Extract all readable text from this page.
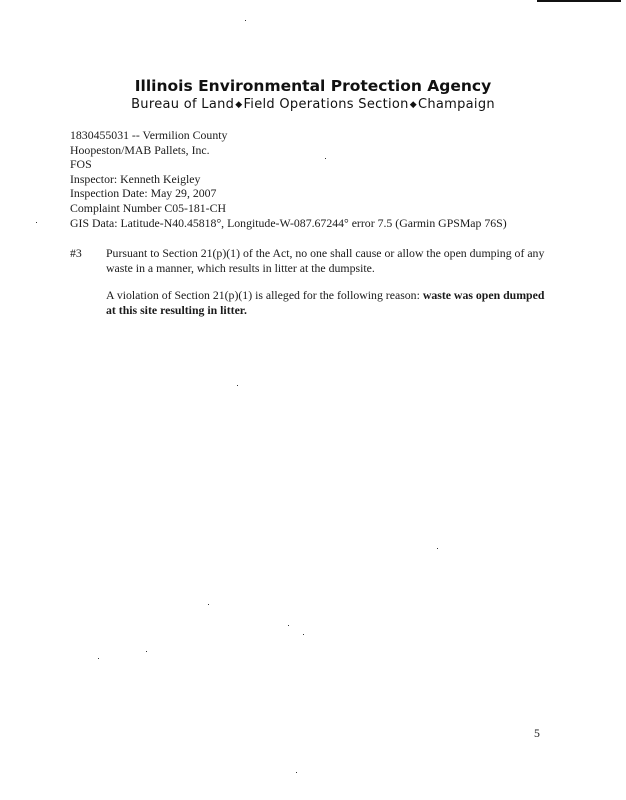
Illinois Environmental Protection Agency
Bureau of Land◆Field Operations Section◆Champaign
1830455031 -- Vermilion County
Hoopeston/MAB Pallets, Inc.
FOS
Inspector: Kenneth Keigley
Inspection Date: May 29, 2007
Complaint Number C05-181-CH
GIS Data: Latitude-N40.45818°, Longitude-W-087.67244° error 7.5 (Garmin GPSMap 76S)
#3 Pursuant to Section 21(p)(1) of the Act, no one shall cause or allow the open dumping of any waste in a manner, which results in litter at the dumpsite.
A violation of Section 21(p)(1) is alleged for the following reason: waste was open dumped at this site resulting in litter.
5
